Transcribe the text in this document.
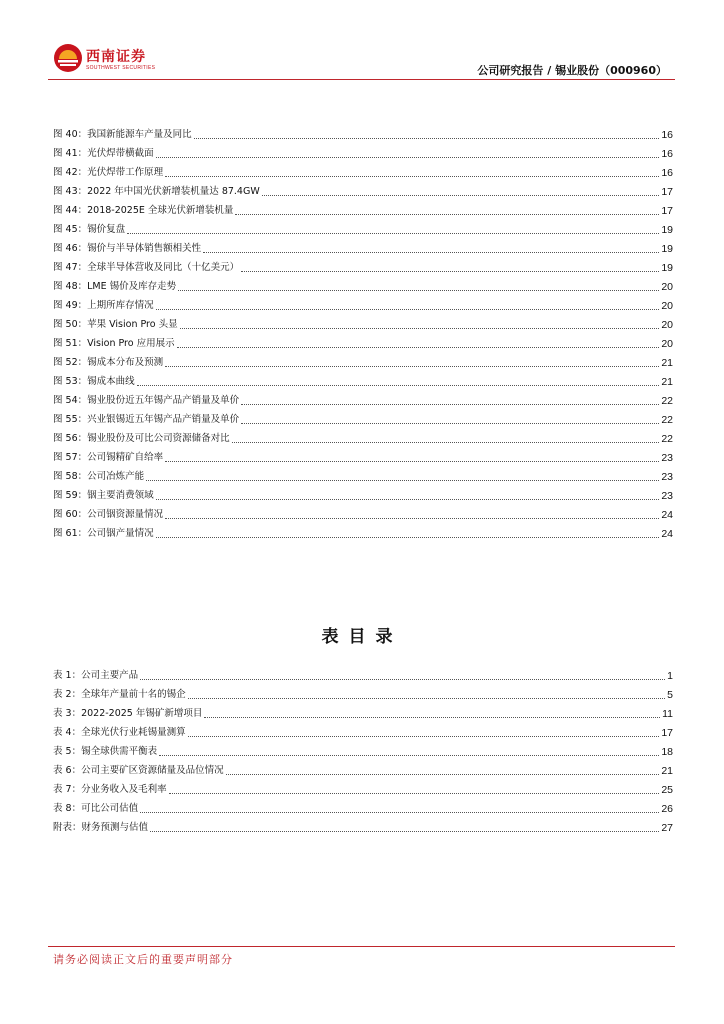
西南证券
SOUTHWEST SECURITIES	公司研究报告 / 锡业股份（000960）
图 40：我国新能源车产量及同比	16
图 41：光伏焊带横截面	16
图 42：光伏焊带工作原理	16
图 43：2022 年中国光伏新增装机量达 87.4GW	17
图 44：2018-2025E 全球光伏新增装机量	17
图 45：锡价复盘	19
图 46：锡价与半导体销售额相关性	19
图 47：全球半导体营收及同比（十亿美元）	19
图 48：LME 锡价及库存走势	20
图 49：上期所库存情况	20
图 50：苹果 Vision Pro 头显	20
图 51：Vision Pro 应用展示	20
图 52：锡成本分布及预测	21
图 53：锡成本曲线	21
图 54：锡业股份近五年锡产品产销量及单价	22
图 55：兴业银锡近五年锡产品产销量及单价	22
图 56：锡业股份及可比公司资源储备对比	22
图 57：公司锡精矿自给率	23
图 58：公司冶炼产能	23
图 59：铟主要消费领域	23
图 60：公司铟资源量情况	24
图 61：公司铟产量情况	24
表目录
表 1：公司主要产品	1
表 2：全球年产量前十名的锡企	5
表 3：2022-2025 年锡矿新增项目	11
表 4：全球光伏行业耗锡量测算	17
表 5：锡全球供需平衡表	18
表 6：公司主要矿区资源储量及品位情况	21
表 7：分业务收入及毛利率	25
表 8：可比公司估值	26
附表：财务预测与估值	27
请务必阅读正文后的重要声明部分
